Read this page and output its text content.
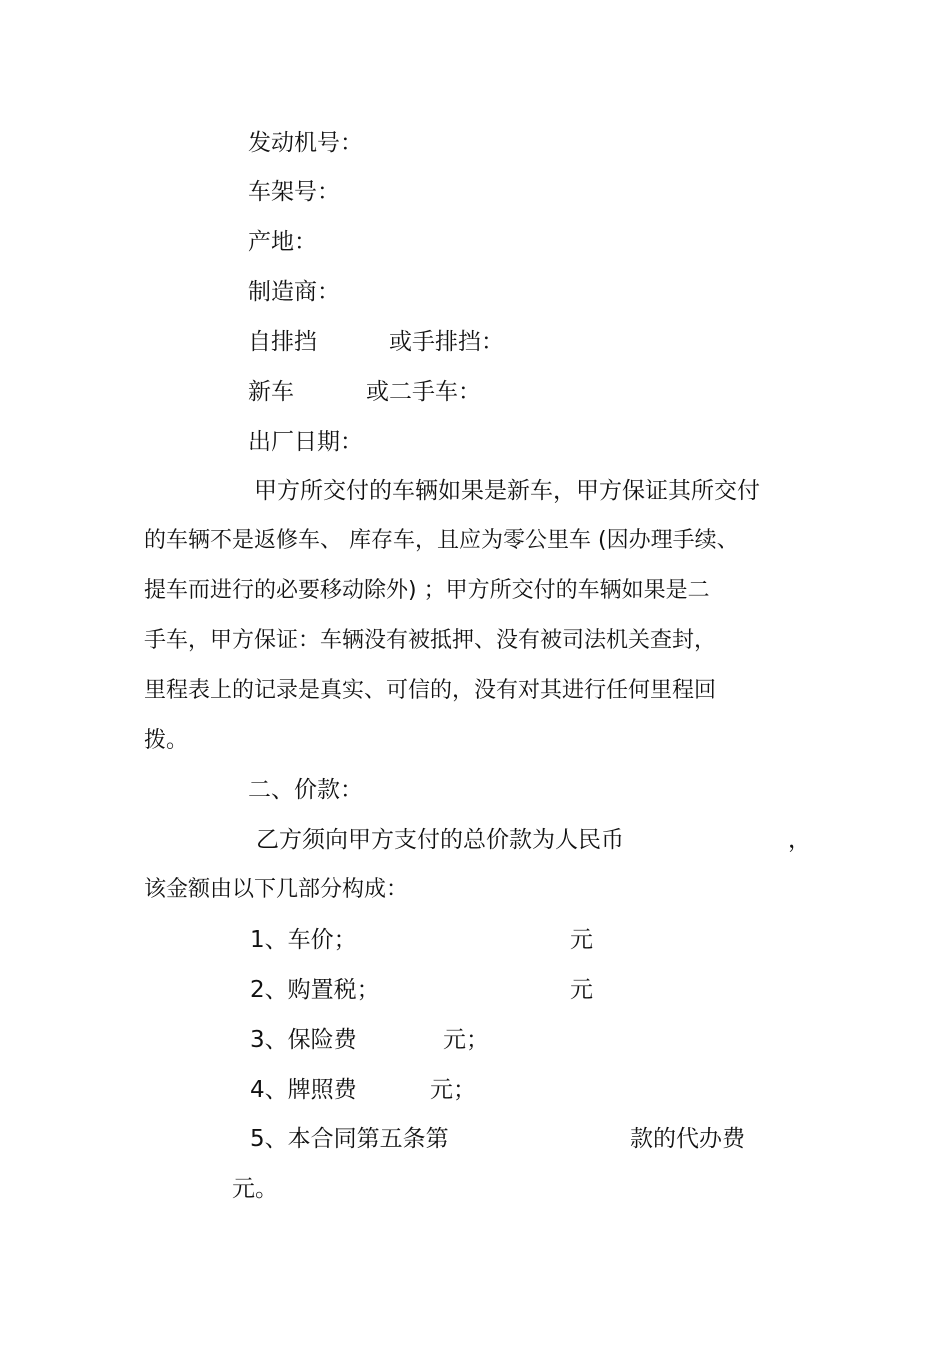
发动机号：
车架号：
产地：
制造商：
自排挡	或手排挡：
新车	或二手车：
出厂日期：
甲方所交付的车辆如果是新车，甲方保证其所交付
的车辆不是返修车、 库存车，且应为零公里车 (因办理手续、
提车而进行的必要移动除外) ；甲方所交付的车辆如果是二
手车，甲方保证：车辆没有被抵押、没有被司法机关查封，
里程表上的记录是真实、可信的，没有对其进行任何里程回
拨。
二、价款：
乙方须向甲方支付的总价款为人民币	，
该金额由以下几部分构成：
1、车价；	元
2、购置税；	元
3、保险费	元；
4、牌照费	元；
5、本合同第五条第	款的代办费
元。
